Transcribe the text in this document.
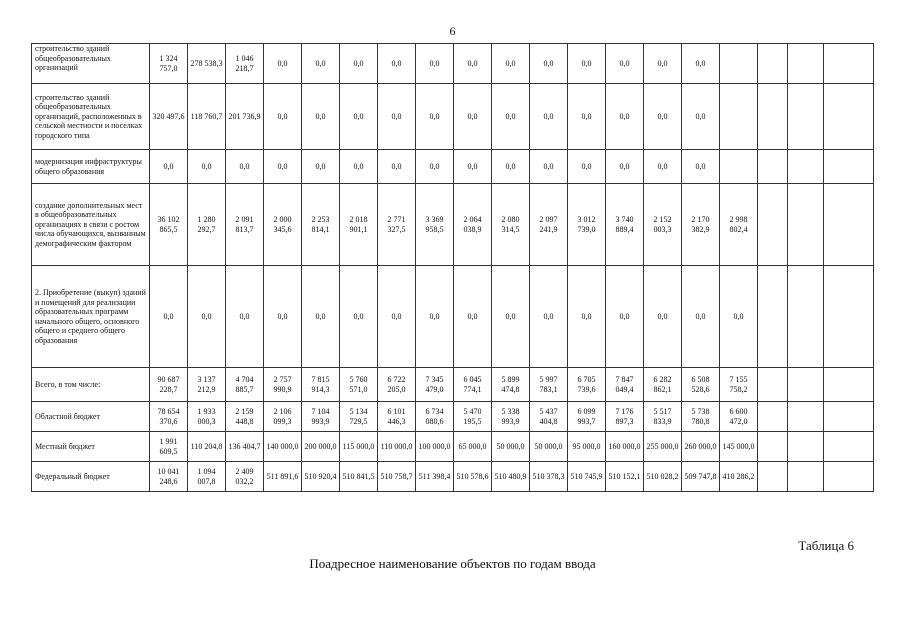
6
строительство зданий общеобразовательных организаций	1 324 757,0	278 538,3	1 046 218,7	0,0	0,0	0,0	0,0	0,0	0,0	0,0	0,0	0,0	0,0	0,0	0,0				
строительство зданий общеобразовательных организаций, расположенных в сельской местности и поселках городского типа	320 497,6	118 760,7	201 736,9	0,0	0,0	0,0	0,0	0,0	0,0	0,0	0,0	0,0	0,0	0,0	0,0				
модернизация инфраструктуры общего образования	0,0	0,0	0,0	0,0	0,0	0,0	0,0	0,0	0,0	0,0	0,0	0,0	0,0	0,0	0,0				
создание дополнительных мест в общеобразовательных организациях в связи с ростом числа обучающихся, вызванным демографическим фактором	36 102 865,5	1 280 292,7	2 091 813,7	2 000 345,6	2 253 814,1	2 018 901,1	2 771 327,5	3 369 958,5	2 064 038,9	2 080 314,5	2 097 241,9	3 012 739,0	3 740 889,4	2 152 003,3	2 170 382,9	2 998 802,4			
2. Приобретение (выкуп) зданий и помещений для реализации образовательных программ начального общего, основного общего и среднего общего образования	0,0	0,0	0,0	0,0	0,0	0,0	0,0	0,0	0,0	0,0	0,0	0,0	0,0	0,0	0,0	0,0			
Всего, в том числе:	90 687 228,7	3 137 212,9	4 704 885,7	2 757 990,9	7 815 914,3	5 760 571,0	6 722 205,0	7 345 479,0	6 045 774,1	5 899 474,8	5 997 783,1	6 705 739,6	7 847 049,4	6 282 862,1	6 508 528,6	7 155 758,2			
Областной бюджет	78 654 370,6	1 933 000,3	2 159 448,8	2 106 099,3	7 104 993,9	5 134 729,5	6 101 446,3	6 734 080,6	5 470 195,5	5 338 993,9	5 437 404,8	6 099 993,7	7 176 897,3	5 517 833,9	5 738 780,8	6 600 472,0			
Местный бюджет	1 991 609,5	110 204,8	136 404,7	140 000,0	200 000,0	115 000,0	110 000,0	100 000,0	65 000,0	50 000,0	50 000,0	95 000,0	160 000,0	255 000,0	260 000,0	145 000,0			
Федеральный бюджет	10 041 248,6	1 094 007,8	2 409 032,2	511 891,6	510 920,4	510 841,5	510 758,7	511 398,4	510 578,6	510 480,9	510 378,3	510 745,9	510 152,1	510 028,2	509 747,8	410 286,2			
Таблица 6
Поадресное наименование объектов по годам ввода
